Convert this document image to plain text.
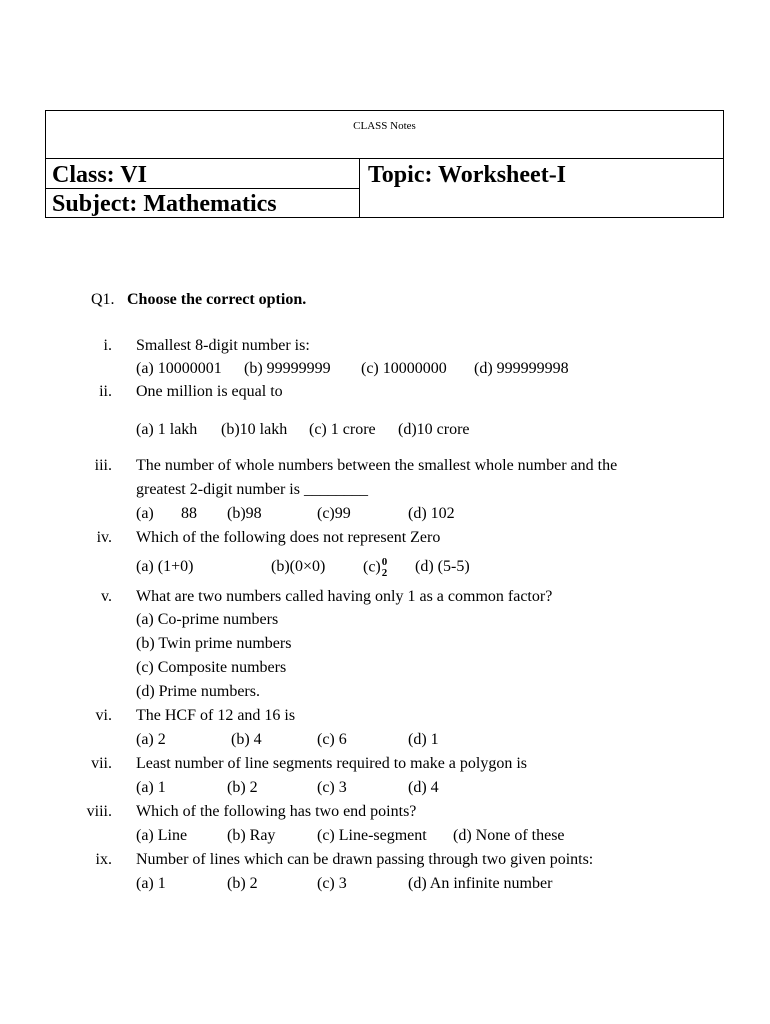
CLASS Notes
Class: VI
Subject: Mathematics
Topic: Worksheet-I
Q1. Choose the correct option.
i. Smallest 8-digit number is:
(a) 10000001 (b) 99999999 (c) 10000000 (d) 999999998
ii. One million is equal to
(a) 1 lakh (b)10 lakh (c) 1 crore (d)10 crore
iii. The number of whole numbers between the smallest whole number and the
greatest 2-digit number is ________
(a) 88 (b)98	(c)99	(d) 102
iv. Which of the following does not represent Zero
(a) (1+0)	(b)(0×0) (c) 0
2 (d) (5-5)
v. What are two numbers called having only 1 as a common factor?
(a) Co-prime numbers
(b) Twin prime numbers
(c) Composite numbers
(d) Prime numbers.
vi. The HCF of 12 and 16 is
(a) 2	(b) 4	(c) 6	(d) 1
vii. Least number of line segments required to make a polygon is
(a) 1	(b) 2	(c) 3	(d) 4
viii. Which of the following has two end points?
(a) Line (b) Ray	(c) Line-segment (d) None of these
ix. Number of lines which can be drawn passing through two given points:
(a) 1	(b) 2	(c) 3	(d) An infinite number
